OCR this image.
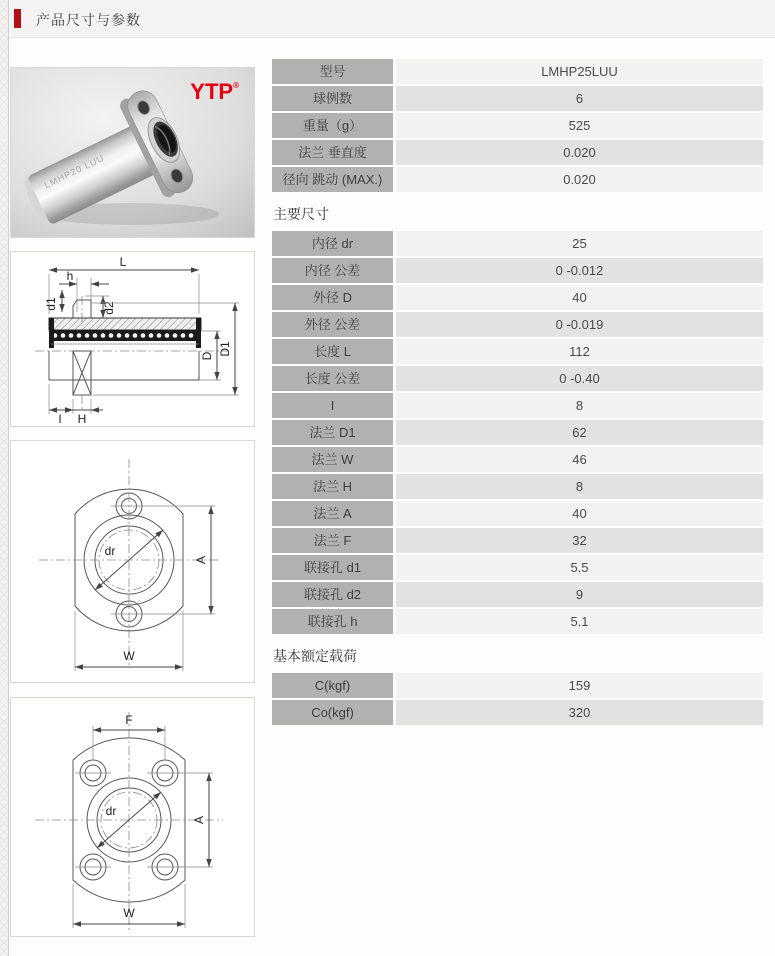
产品尺寸与参数
LMHP20 LUU
YTP®
L
h
d1	d2
D D1
I H
dr
A
W
F
dr
A
W
型号	LMHP25LUU
球例数	6
重量（g）	525
法兰 垂直度	0.020
径向 跳动 (MAX.)	0.020
主要尺寸
内径 dr	25
内径 公差	0 -0.012
外径 D	40
外径 公差	0 -0.019
长度 L	112
长度 公差	0 -0.40
I	8
法兰 D1	62
法兰 W	46
法兰 H	8
法兰 A	40
法兰 F	32
联接孔 d1	5.5
联接孔 d2	9
联接孔 h	5.1
基本额定载荷
C(kgf)	159
Co(kgf)	320
